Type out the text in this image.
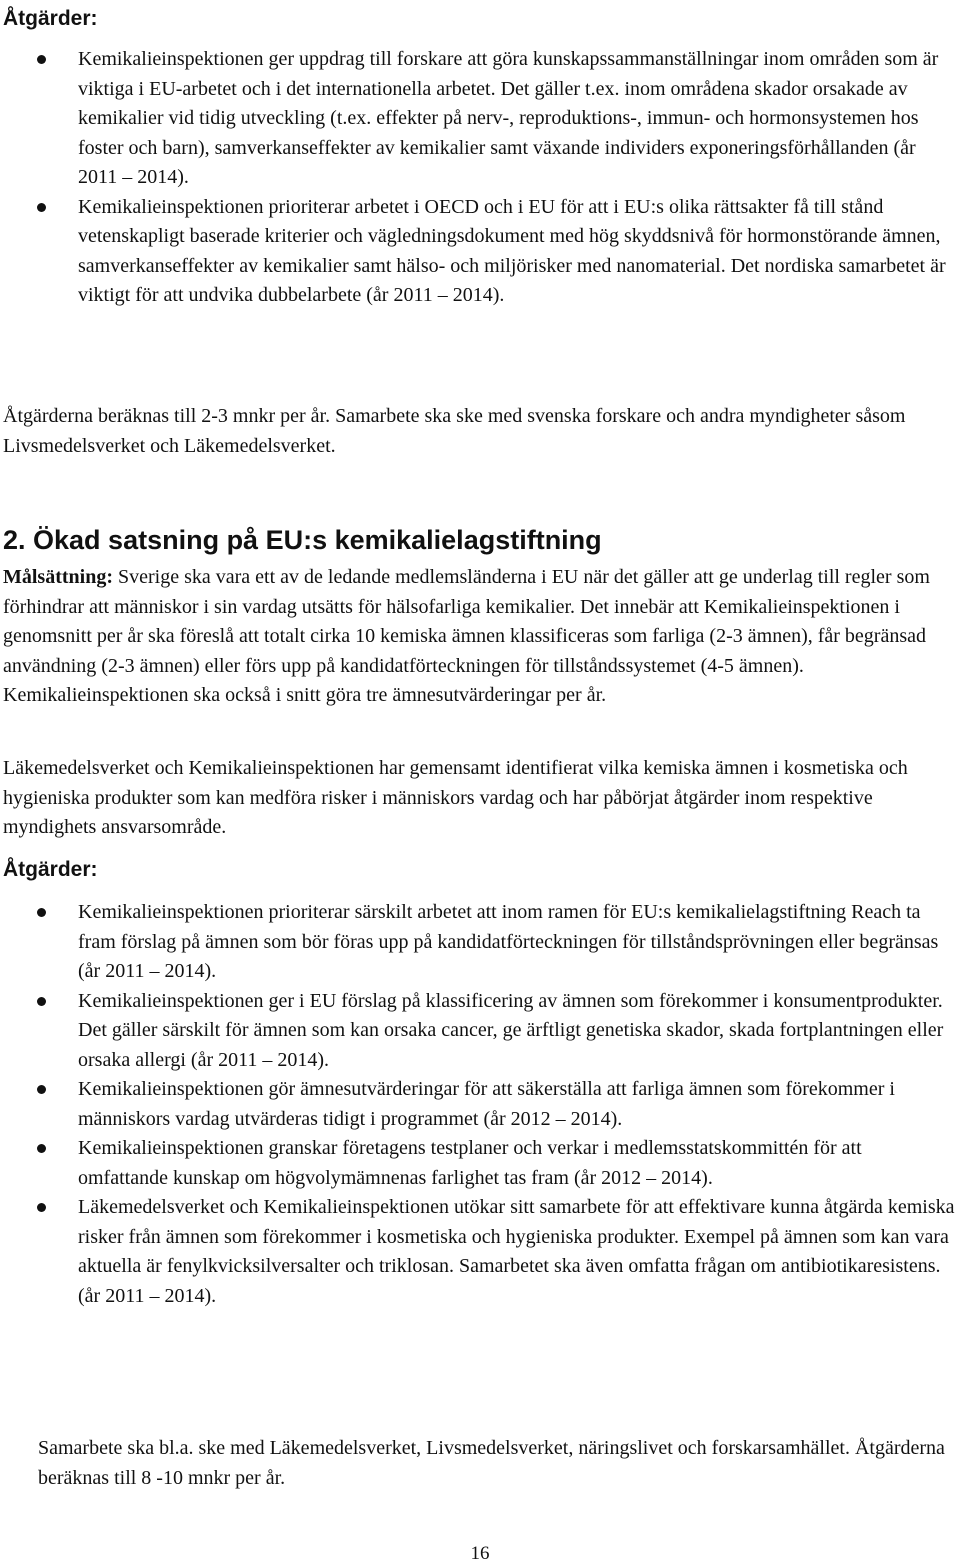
Åtgärder:
Kemikalieinspektionen ger uppdrag till forskare att göra kunskapssammanställningar inom områden som är viktiga i EU-arbetet och i det internationella arbetet. Det gäller t.ex. inom områdena skador orsakade av kemikalier vid tidig utveckling (t.ex. effekter på nerv-, reproduktions-, immun- och hormonsystemen hos foster och barn), samverkanseffekter av kemikalier samt växande individers exponeringsförhållanden (år 2011 – 2014).
Kemikalieinspektionen prioriterar arbetet i OECD och i EU för att i EU:s olika rättsakter få till stånd vetenskapligt baserade kriterier och vägledningsdokument med hög skyddsnivå för hormonstörande ämnen, samverkanseffekter av kemikalier samt hälso- och miljörisker med nanomaterial. Det nordiska samarbetet är viktigt för att undvika dubbelarbete (år 2011 – 2014).

Åtgärderna beräknas till 2-3 mnkr per år. Samarbete ska ske med svenska forskare och andra myndigheter såsom Livsmedelsverket och Läkemedelsverket.

2. Ökad satsning på EU:s kemikalielagstiftning

Målsättning: Sverige ska vara ett av de ledande medlemsländerna i EU när det gäller att ge underlag till regler som förhindrar att människor i sin vardag utsätts för hälsofarliga kemikalier. Det innebär att Kemikalieinspektionen i genomsnitt per år ska föreslå att totalt cirka 10 kemiska ämnen klassificeras som farliga (2-3 ämnen), får begränsad användning (2-3 ämnen) eller förs upp på kandidatförteckningen för tillståndssystemet (4-5 ämnen). Kemikalieinspektionen ska också i snitt göra tre ämnesutvärderingar per år.

Läkemedelsverket och Kemikalieinspektionen har gemensamt identifierat vilka kemiska ämnen i kosmetiska och hygieniska produkter som kan medföra risker i människors vardag och har påbörjat åtgärder inom respektive myndighets ansvarsområde.

Åtgärder:
Kemikalieinspektionen prioriterar särskilt arbetet att inom ramen för EU:s kemikalielagstiftning Reach ta fram förslag på ämnen som bör föras upp på kandidatförteckningen för tillståndsprövningen eller begränsas (år 2011 – 2014).
Kemikalieinspektionen ger i EU förslag på klassificering av ämnen som förekommer i konsumentprodukter. Det gäller särskilt för ämnen som kan orsaka cancer, ge ärftligt genetiska skador, skada fortplantningen eller orsaka allergi (år 2011 – 2014).
Kemikalieinspektionen gör ämnesutvärderingar för att säkerställa att farliga ämnen som förekommer i människors vardag utvärderas tidigt i programmet (år 2012 – 2014).
Kemikalieinspektionen granskar företagens testplaner och verkar i medlemsstatskommittén för att omfattande kunskap om högvolymämnenas farlighet tas fram (år 2012 – 2014).
Läkemedelsverket och Kemikalieinspektionen utökar sitt samarbete för att effektivare kunna åtgärda kemiska risker från ämnen som förekommer i kosmetiska och hygieniska produkter. Exempel på ämnen som kan vara aktuella är fenylkvicksilversalter och triklosan. Samarbetet ska även omfatta frågan om antibiotikaresistens. (år 2011 – 2014).

Samarbete ska bl.a. ske med Läkemedelsverket, Livsmedelsverket, näringslivet och forskarsamhället. Åtgärderna beräknas till 8 -10 mnkr per år.

16
